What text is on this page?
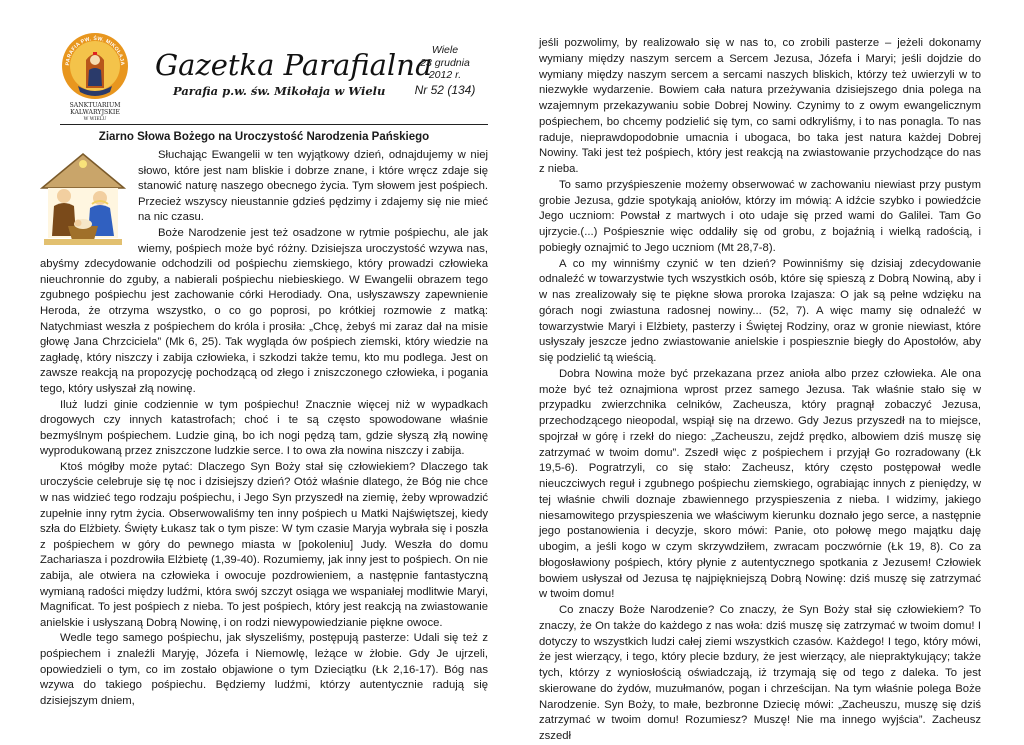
PARAFIA PW. ŚW. MIKOŁAJA
SANKTUARIUM
KALWARYJSKIE
W WIELU
Gazetka Parafialna
Parafia p.w. św. Mikołaja w Wielu
Wiele
23 grudnia
2012 r.
Nr 52 (134)
Ziarno Słowa Bożego na Uroczystość Narodzenia Pańskiego

Słuchając Ewangelii w ten wyjątkowy dzień, odnajdujemy w niej słowo, które jest nam bliskie i dobrze znane, i które wręcz zdaje się stanowić naturę naszego obecnego życia. Tym słowem jest pośpiech. Przecież wszyscy nieustannie gdzieś pędzimy i zdajemy się nie mieć na nic czasu.

Boże Narodzenie jest też osadzone w rytmie pośpiechu, ale jak wiemy, pośpiech może być różny. Dzisiejsza uroczystość wzywa nas, abyśmy zdecydowanie odchodzili od pośpiechu ziemskiego, który prowadzi człowieka nieuchronnie do zguby, a nabierali pośpiechu niebieskiego. W Ewangelii obrazem tego zgubnego pośpiechu jest zachowanie córki Herodiady. Ona, usłyszawszy zapewnienie Heroda, że otrzyma wszystko, o co go poprosi, po krótkiej rozmowie z matką: Natychmiast weszła z pośpiechem do króla i prosiła: „Chcę, żebyś mi zaraz dał na misie głowę Jana Chrzciciela” (Mk 6, 25). Tak wygląda ów pośpiech ziemski, który wiedzie na zagładę, który niszczy i zabija człowieka, i szkodzi także temu, kto mu podlega. Jest on zawsze reakcją na propozycję pochodzącą od złego i zniszczonego człowieka, i pogania tego, który usłyszał złą nowinę.

Iluż ludzi ginie codziennie w tym pośpiechu! Znacznie więcej niż w wypadkach drogowych czy innych katastrofach; choć i te są często spowodowane właśnie bezmyślnym pośpiechem. Ludzie giną, bo ich nogi pędzą tam, gdzie słyszą złą nowinę wyprodukowaną przez zniszczone ludzkie serce. I to owa zła nowina niszczy i zabija.

Ktoś mógłby może pytać: Dlaczego Syn Boży stał się człowiekiem? Dlaczego tak uroczyście celebruje się tę noc i dzisiejszy dzień? Otóż właśnie dlatego, że Bóg nie chce w nas widzieć tego rodzaju pośpiechu, i Jego Syn przyszedł na ziemię, żeby wprowadzić zupełnie inny rytm życia. Obserwowaliśmy ten inny pośpiech u Matki Najświętszej, kiedy szła do Elżbiety. Święty Łukasz tak o tym pisze: W tym czasie Maryja wybrała się i poszła z pośpiechem w góry do pewnego miasta w [pokoleniu] Judy. Weszła do domu Zachariasza i pozdrowiła Elżbietę (1,39-40). Rozumiemy, jak inny jest to pośpiech. On nie zabija, ale otwiera na człowieka i owocuje pozdrowieniem, a następnie fantastyczną wymianą radości między ludźmi, która swój szczyt osiąga we wspaniałej modlitwie Maryi, Magnificat. To jest pośpiech z nieba. To jest pośpiech, który jest reakcją na zwiastowanie anielskie i usłyszaną Dobrą Nowinę, i on rodzi niewypowiedzianie piękne owoce.

Wedle tego samego pośpiechu, jak słyszeliśmy, postępują pasterze: Udali się też z pośpiechem i znaleźli Maryję, Józefa i Niemowlę, leżące w żłobie. Gdy Je ujrzeli, opowiedzieli o tym, co im zostało objawione o tym Dzieciątku (Łk 2,16-17). Bóg nas wzywa do takiego pośpiechu. Będziemy ludźmi, którzy autentycznie radują się dzisiejszym dniem,

jeśli pozwolimy, by realizowało się w nas to, co zrobili pasterze – jeżeli dokonamy wymiany między naszym sercem a Sercem Jezusa, Józefa i Maryi; jeśli dojdzie do wymiany między naszym sercem a sercami naszych bliskich, którzy też uwierzyli w to niezwykłe wydarzenie. Bowiem cała natura przeżywania dzisiejszego dnia polega na wzajemnym przekazywaniu sobie Dobrej Nowiny. Czynimy to z owym ewangelicznym pośpiechem, bo chcemy podzielić się tym, co sami odkryliśmy, i to nas ponagla. To nas raduje, nieprawdopodobnie umacnia i ubogaca, bo taka jest natura każdej Dobrej Nowiny. Taki jest też pośpiech, który jest reakcją na zwiastowanie przychodzące do nas z nieba.

To samo przyśpieszenie możemy obserwować w zachowaniu niewiast przy pustym grobie Jezusa, gdzie spotykają aniołów, którzy im mówią: A idźcie szybko i powiedźcie Jego uczniom: Powstał z martwych i oto udaje się przed wami do Galilei. Tam Go ujrzycie.(...) Pośpiesznie więc oddaliły się od grobu, z bojaźnią i wielką radością, i pobiegły oznajmić to Jego uczniom (Mt 28,7-8).

A co my winniśmy czynić w ten dzień? Powinniśmy się dzisiaj zdecydowanie odnaleźć w towarzystwie tych wszystkich osób, które się spieszą z Dobrą Nowiną, aby i w nas zrealizowały się te piękne słowa proroka Izajasza: O jak są pełne wdzięku na górach nogi zwiastuna radosnej nowiny... (52, 7). A więc mamy się odnaleźć w towarzystwie Maryi i Elżbiety, pasterzy i Świętej Rodziny, oraz w gronie niewiast, które usłyszały jeszcze jedno zwiastowanie anielskie i pospiesznie biegły do Apostołów, aby się podzielić tą wieścią.

Dobra Nowina może być przekazana przez anioła albo przez człowieka. Ale ona może być też oznajmiona wprost przez samego Jezusa. Tak właśnie stało się w przypadku zwierzchnika celników, Zacheusza, który pragnął zobaczyć Jezusa, przechodzącego nieopodal, wspiął się na drzewo. Gdy Jezus przyszedł na to miejsce, spojrzał w górę i rzekł do niego: „Zacheuszu, zejdź prędko, albowiem dziś muszę się zatrzymać w twoim domu”. Zszedł więc z pośpiechem i przyjął Go rozradowany (Łk 19,5-6). Pogratrzyli, co się stało: Zacheusz, który często postępował wedle nieuczciwych reguł i zgubnego pośpiechu ziemskiego, ograbiając innych z pieniędzy, w tej właśnie chwili doznaje zbawiennego przyspieszenia z nieba. I widzimy, jakiego niesamowitego przyspieszenia we właściwym kierunku doznało jego serce, a następnie jego postanowienia i decyzje, skoro mówi: Panie, oto połowę mego majątku daję ubogim, a jeśli kogo w czym skrzywdziłem, zwracam poczwórnie (Łk 19, 8). Co za błogosławiony pośpiech, który płynie z autentycznego spotkania z Jezusem! Człowiek bowiem usłyszał od Jezusa tę najpiękniejszą Dobrą Nowinę: dziś muszę się zatrzymać w twoim domu!

Co znaczy Boże Narodzenie? Co znaczy, że Syn Boży stał się człowiekiem? To znaczy, że On także do każdego z nas woła: dziś muszę się zatrzymać w twoim domu! I dotyczy to wszystkich ludzi całej ziemi wszystkich czasów. Każdego! I tego, który mówi, że jest wierzący, i tego, który plecie bzdury, że jest wierzący, ale niepraktykujący; także tych, którzy z wyniosłością oświadczają, iż trzymają się od tego z daleka. To jest skierowane do żydów, muzułmanów, pogan i chrześcijan. Na tym właśnie polega Boże Narodzenie. Syn Boży, to małe, bezbronne Dziecię mówi: „Zacheuszu, muszę się dziś zatrzymać w twoim domu! Rozumiesz? Muszę! Nie ma innego wyjścia”. Zacheusz zszedł
